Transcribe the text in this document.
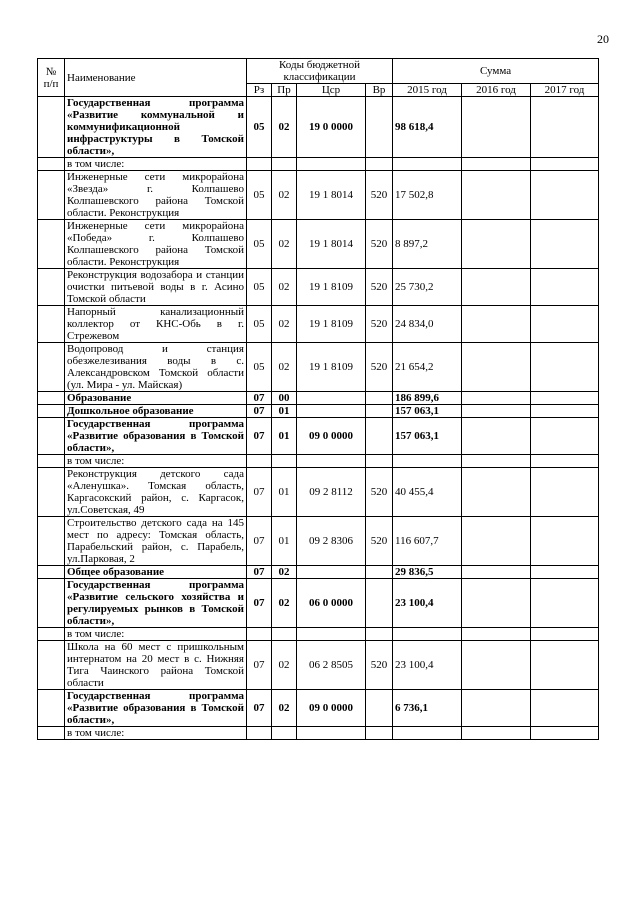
20
№ п/п	Наименование	Коды бюджетной классификации				Сумма		
		Рз	Пр	Цср	Вр	2015 год	2016 год	2017 год
	Государственная программа «Развитие коммунальной и коммунификационной инфраструктуры в Томской области»,	05	02	19 0 0000		98 618,4		
	в том числе:							
	Инженерные сети микрорайона «Звезда» г. Колпашево Колпашевского района Томской области. Реконструкция	05	02	19 1 8014	520	17 502,8		
	Инженерные сети микрорайона «Победа» г. Колпашево Колпашевского района Томской области. Реконструкция	05	02	19 1 8014	520	8 897,2		
	Реконструкция водозабора и станции очистки питьевой воды в г. Асино Томской области	05	02	19 1 8109	520	25 730,2		
	Напорный канализационный коллектор от КНС-Обь в г. Стрежевом	05	02	19 1 8109	520	24 834,0		
	Водопровод и станция обезжелезивания воды в с. Александровском Томской области (ул. Мира - ул. Майская)	05	02	19 1 8109	520	21 654,2		
	Образование	07	00			186 899,6		
	Дошкольное образование	07	01			157 063,1		
	Государственная программа «Развитие образования в Томской области»,	07	01	09 0 0000		157 063,1		
	в том числе:							
	Реконструкция детского сада «Аленушка». Томская область, Каргасокский район, с. Каргасок, ул.Советская, 49	07	01	09 2 8112	520	40 455,4		
	Строительство детского сада на 145 мест по адресу: Томская область, Парабельский район, с. Парабель, ул.Парковая, 2	07	01	09 2 8306	520	116 607,7		
	Общее образование	07	02			29 836,5		
	Государственная программа «Развитие сельского хозяйства и регулируемых рынков в Томской области»,	07	02	06 0 0000		23 100,4		
	в том числе:							
	Школа на 60 мест с пришкольным интернатом на 20 мест в с. Нижняя Тига Чаинского района Томской области	07	02	06 2 8505	520	23 100,4		
	Государственная программа «Развитие образования в Томской области»,	07	02	09 0 0000		6 736,1		
	в том числе:							
